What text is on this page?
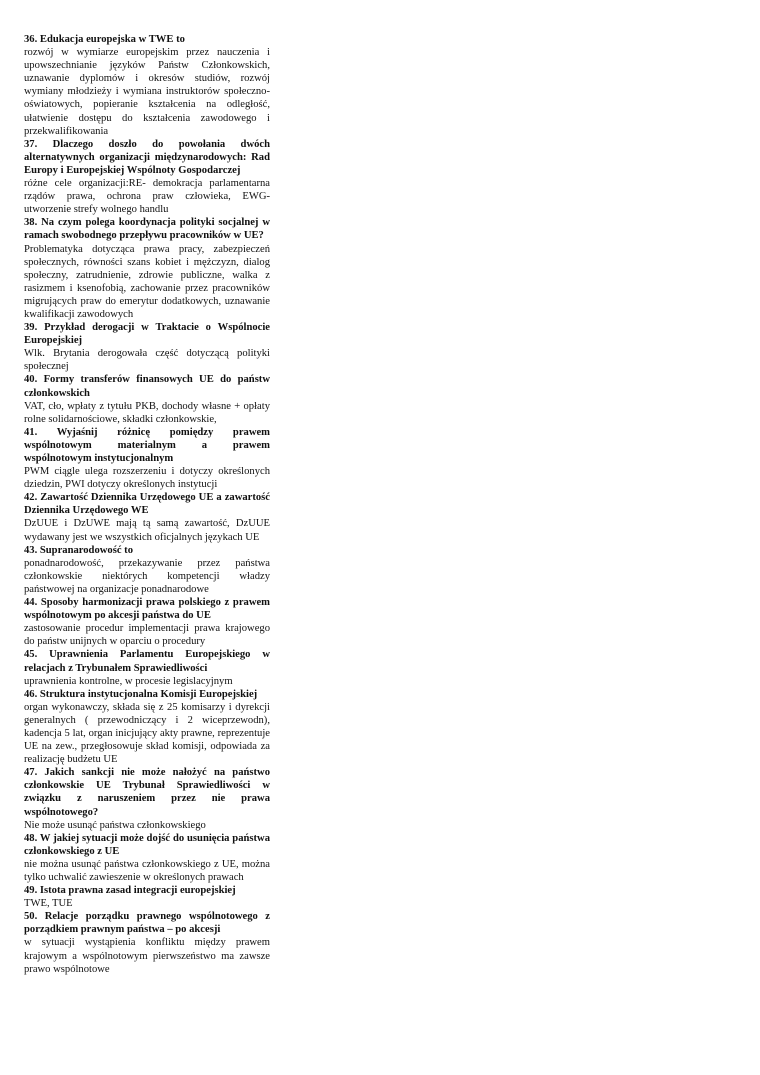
36. Edukacja europejska w TWE to

rozwój w wymiarze europejskim przez nauczenia i upowszechnianie języków Państw Członkowskich, uznawanie dyplomów i okresów studiów, rozwój wymiany młodzieży i wymiana instruktorów społeczno-oświatowych, popieranie kształcenia na odległość, ułatwienie dostępu do kształcenia zawodowego i przekwalifikowania

37. Dlaczego doszło do powołania dwóch alternatywnych organizacji międzynarodowych: Rad Europy i Europejskiej Wspólnoty Gospodarczej

różne cele organizacji:RE- demokracja parlamentarna rządów prawa, ochrona praw człowieka, EWG- utworzenie strefy wolnego handlu

38. Na czym polega koordynacja polityki socjalnej w ramach swobodnego przepływu pracowników w UE?

Problematyka dotycząca prawa pracy, zabezpieczeń społecznych, równości szans kobiet i mężczyzn, dialog społeczny, zatrudnienie, zdrowie publiczne, walka z rasizmem i ksenofobią, zachowanie przez pracowników migrujących praw do emerytur dodatkowych, uznawanie kwalifikacji zawodowych

39. Przykład derogacji w Traktacie o Wspólnocie Europejskiej

Wlk. Brytania derogowała część dotyczącą polityki społecznej

40. Formy transferów finansowych UE do państw członkowskich

VAT, cło, wpłaty z tytułu PKB, dochody własne + opłaty rolne solidarnościowe, składki członkowskie,

41. Wyjaśnij różnicę pomiędzy prawem wspólnotowym materialnym a prawem wspólnotowym instytucjonalnym

PWM ciągle ulega rozszerzeniu i dotyczy określonych dziedzin, PWI dotyczy określonych instytucji

42. Zawartość Dziennika Urzędowego UE a zawartość Dziennika Urzędowego WE

DzUUE i DzUWE mają tą samą zawartość, DzUUE wydawany jest we wszystkich oficjalnych językach UE

43. Supranarodowość to

ponadnarodowość, przekazywanie przez państwa członkowskie niektórych kompetencji władzy państwowej na organizacje ponadnarodowe

44. Sposoby harmonizacji prawa polskiego z prawem wspólnotowym po akcesji państwa do UE

zastosowanie procedur implementacji prawa krajowego do państw unijnych w oparciu o procedury

45. Uprawnienia Parlamentu Europejskiego w relacjach z Trybunałem Sprawiedliwości

uprawnienia kontrolne, w procesie legislacyjnym

46. Struktura instytucjonalna Komisji Europejskiej

organ wykonawczy, składa się z 25 komisarzy i dyrekcji generalnych ( przewodniczący i 2 wiceprzewodn), kadencja 5 lat, organ inicjujący akty prawne, reprezentuje UE na zew., przegłosowuje skład komisji, odpowiada za realizację budżetu UE

47. Jakich sankcji nie może nałożyć na państwo członkowskie UE Trybunał Sprawiedliwości w związku z naruszeniem przez nie prawa wspólnotowego?

Nie może usunąć państwa członkowskiego

48. W jakiej sytuacji może dojść do usunięcia państwa członkowskiego z UE

nie można usunąć państwa członkowskiego z UE, można tylko uchwalić zawieszenie w określonych prawach

49. Istota prawna zasad integracji europejskiej

TWE, TUE

50. Relacje porządku prawnego wspólnotowego z porządkiem prawnym państwa – po akcesji

w sytuacji wystąpienia konfliktu między prawem krajowym a wspólnotowym pierwszeństwo ma zawsze prawo wspólnotowe
